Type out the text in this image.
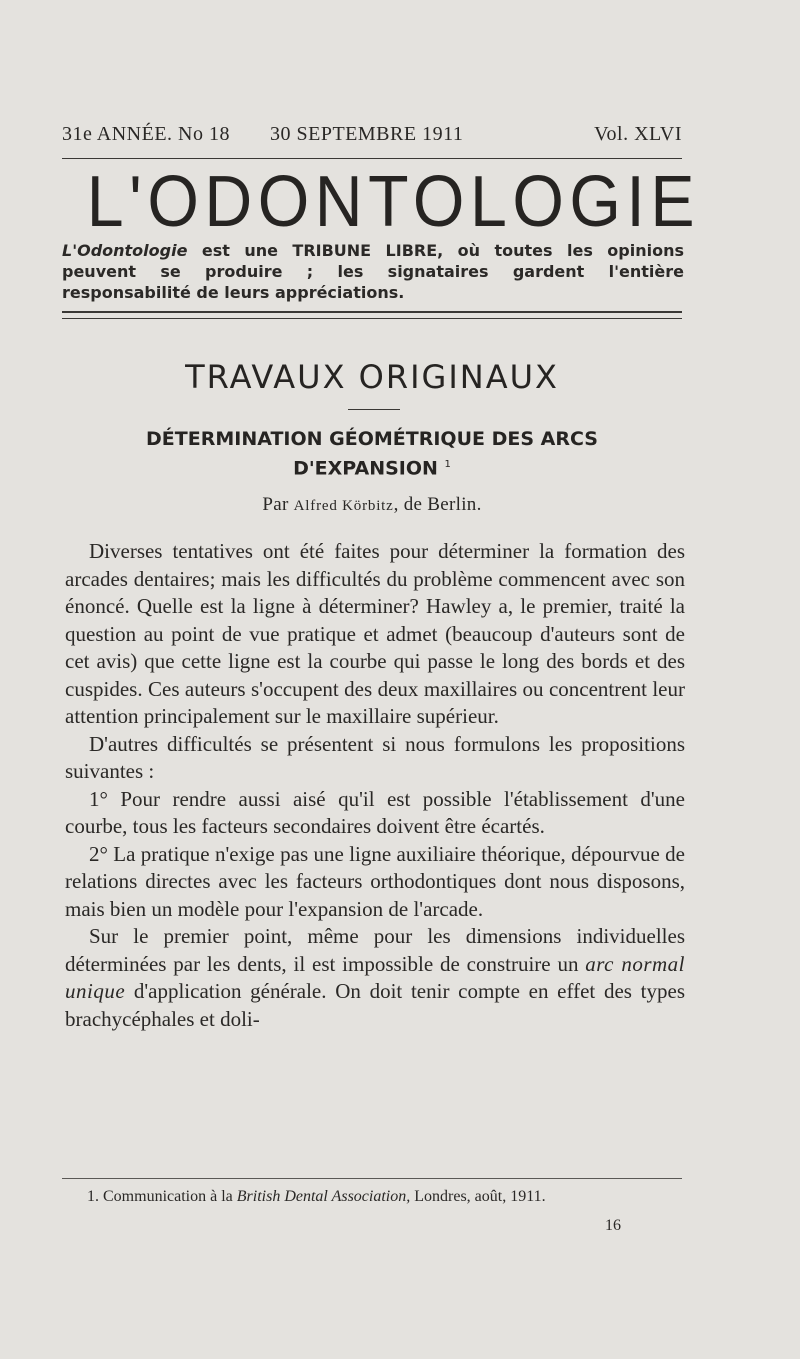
31e ANNÉE. No 18 30 SEPTEMBRE 1911	Vol. XLVI
L'ODONTOLOGIE
L'Odontologie est une TRIBUNE LIBRE, où toutes les opinions peuvent se produire ; les signataires gardent l'entière responsabilité de leurs appréciations.
TRAVAUX ORIGINAUX
DÉTERMINATION GÉOMÉTRIQUE DES ARCS
D'EXPANSION $^1$
Par Alfred Körbitz, de Berlin.

Diverses tentatives ont été faites pour déterminer la formation des arcades dentaires; mais les difficultés du problème commencent avec son énoncé. Quelle est la ligne à déterminer? Hawley a, le premier, traité la question au point de vue pratique et admet (beaucoup d'auteurs sont de cet avis) que cette ligne est la courbe qui passe le long des bords et des cuspides. Ces auteurs s'occupent des deux maxillaires ou concentrent leur attention principalement sur le maxillaire supérieur.

D'autres difficultés se présentent si nous formulons les propositions suivantes :

1° Pour rendre aussi aisé qu'il est possible l'établissement d'une courbe, tous les facteurs secondaires doivent être écartés.

2° La pratique n'exige pas une ligne auxiliaire théorique, dépourvue de relations directes avec les facteurs orthodontiques dont nous disposons, mais bien un modèle pour l'expansion de l'arcade.

Sur le premier point, même pour les dimensions individuelles déterminées par les dents, il est impossible de construire un arc normal unique d'application générale. On doit tenir compte en effet des types brachycéphales et doli-

1. Communication à la British Dental Association, Londres, août, 1911.
16
